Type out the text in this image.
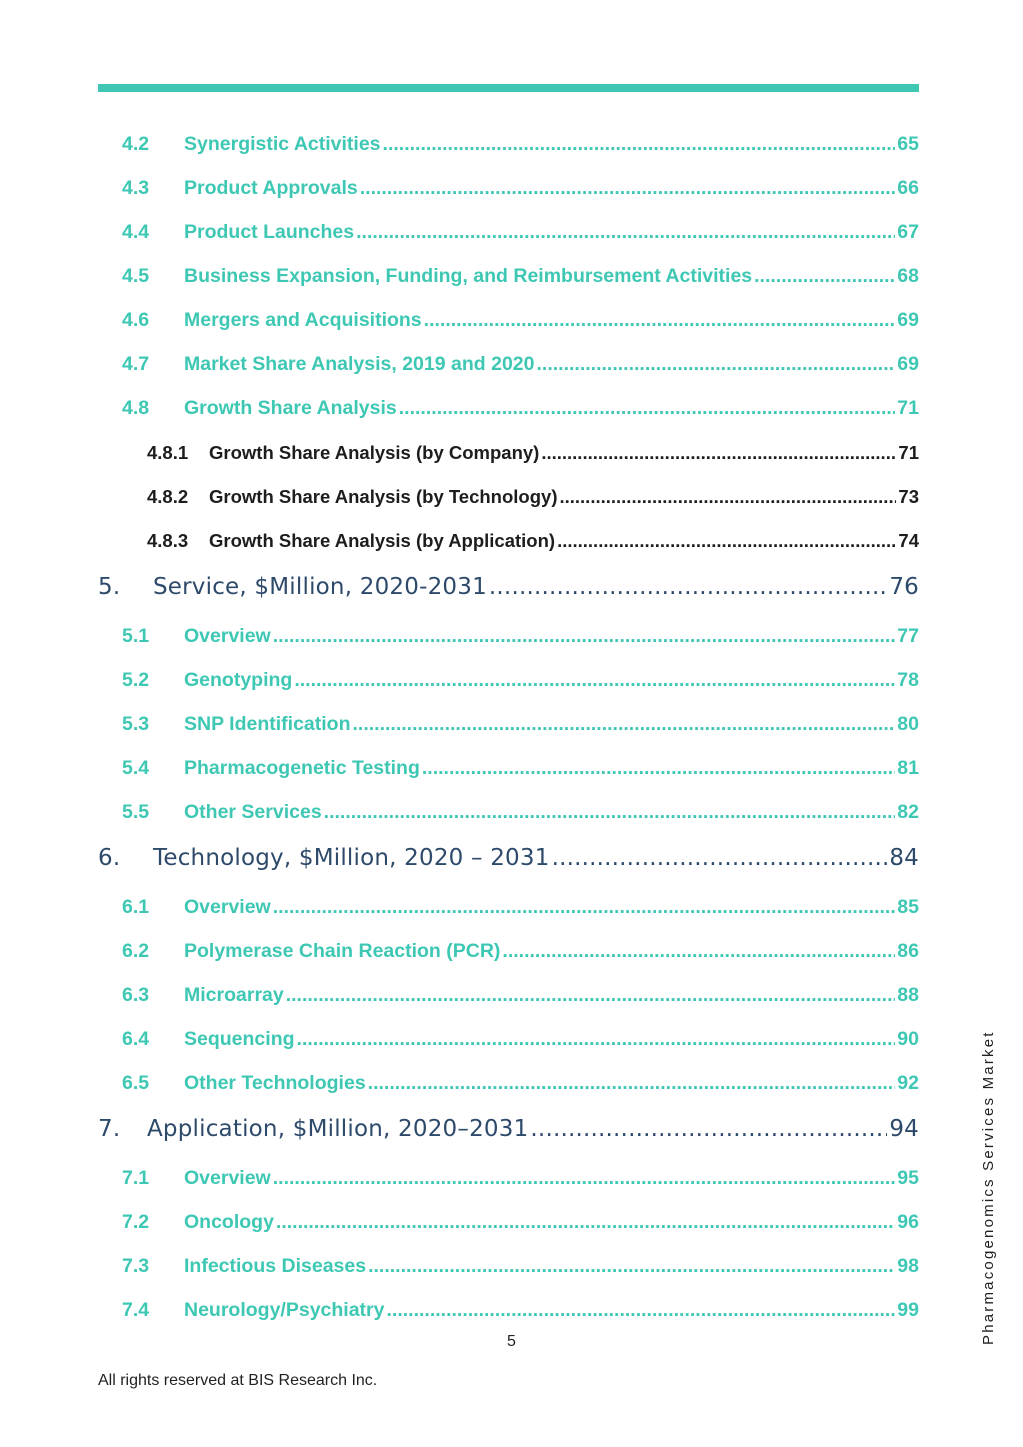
4.2	Synergistic Activities .....	65
4.3	Product Approvals .....	66
4.4	Product Launches .....	67
4.5	Business Expansion, Funding, and Reimbursement Activities .....	68
4.6	Mergers and Acquisitions .....	69
4.7	Market Share Analysis, 2019 and 2020 .....	69
4.8	Growth Share Analysis .....	71
4.8.1	Growth Share Analysis (by Company) .....	71
4.8.2	Growth Share Analysis (by Technology) .....	73
4.8.3	Growth Share Analysis (by Application) .....	74
5.	Service, $Million, 2020-2031 .....	76
5.1	Overview .....	77
5.2	Genotyping .....	78
5.3	SNP Identification .....	80
5.4	Pharmacogenetic Testing .....	81
5.5	Other Services .....	82
6.	Technology, $Million, 2020 – 2031 .....	84
6.1	Overview .....	85
6.2	Polymerase Chain Reaction (PCR) .....	86
6.3	Microarray .....	88
6.4	Sequencing .....	90
6.5	Other Technologies .....	92
7.	Application, $Million, 2020–2031 .....	94
7.1	Overview .....	95
7.2	Oncology .....	96
7.3	Infectious Diseases .....	98
7.4	Neurology/Psychiatry .....	99
5
All rights reserved at BIS Research Inc.
Pharmacogenomics Services Market
